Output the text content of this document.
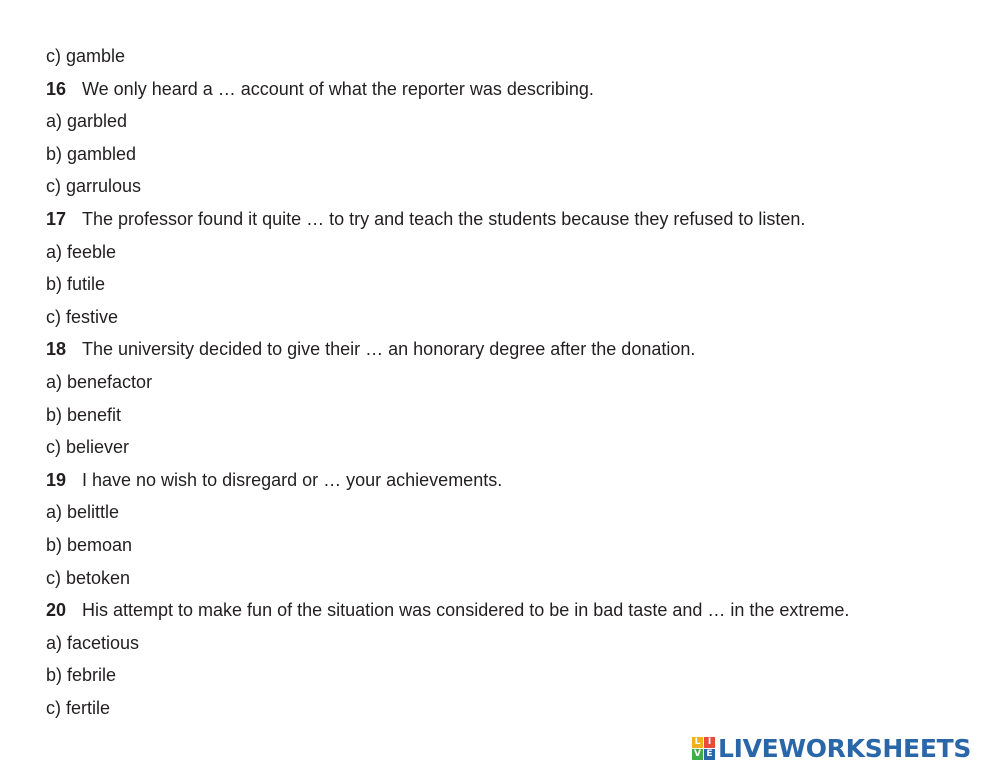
c) gamble
16 We only heard a … account of what the reporter was describing.
a) garbled
b) gambled
c) garrulous
17 The professor found it quite … to try and teach the students because they refused to listen.
a) feeble
b) futile
c) festive
18 The university decided to give their … an honorary degree after the donation.
a) benefactor
b) benefit
c) believer
19 I have no wish to disregard or … your achievements.
a) belittle
b) bemoan
c) betoken
20 His attempt to make fun of the situation was considered to be in bad taste and … in the extreme.
a) facetious
b) febrile
c) fertile
L I
V E LIVEWORKSHEETS
